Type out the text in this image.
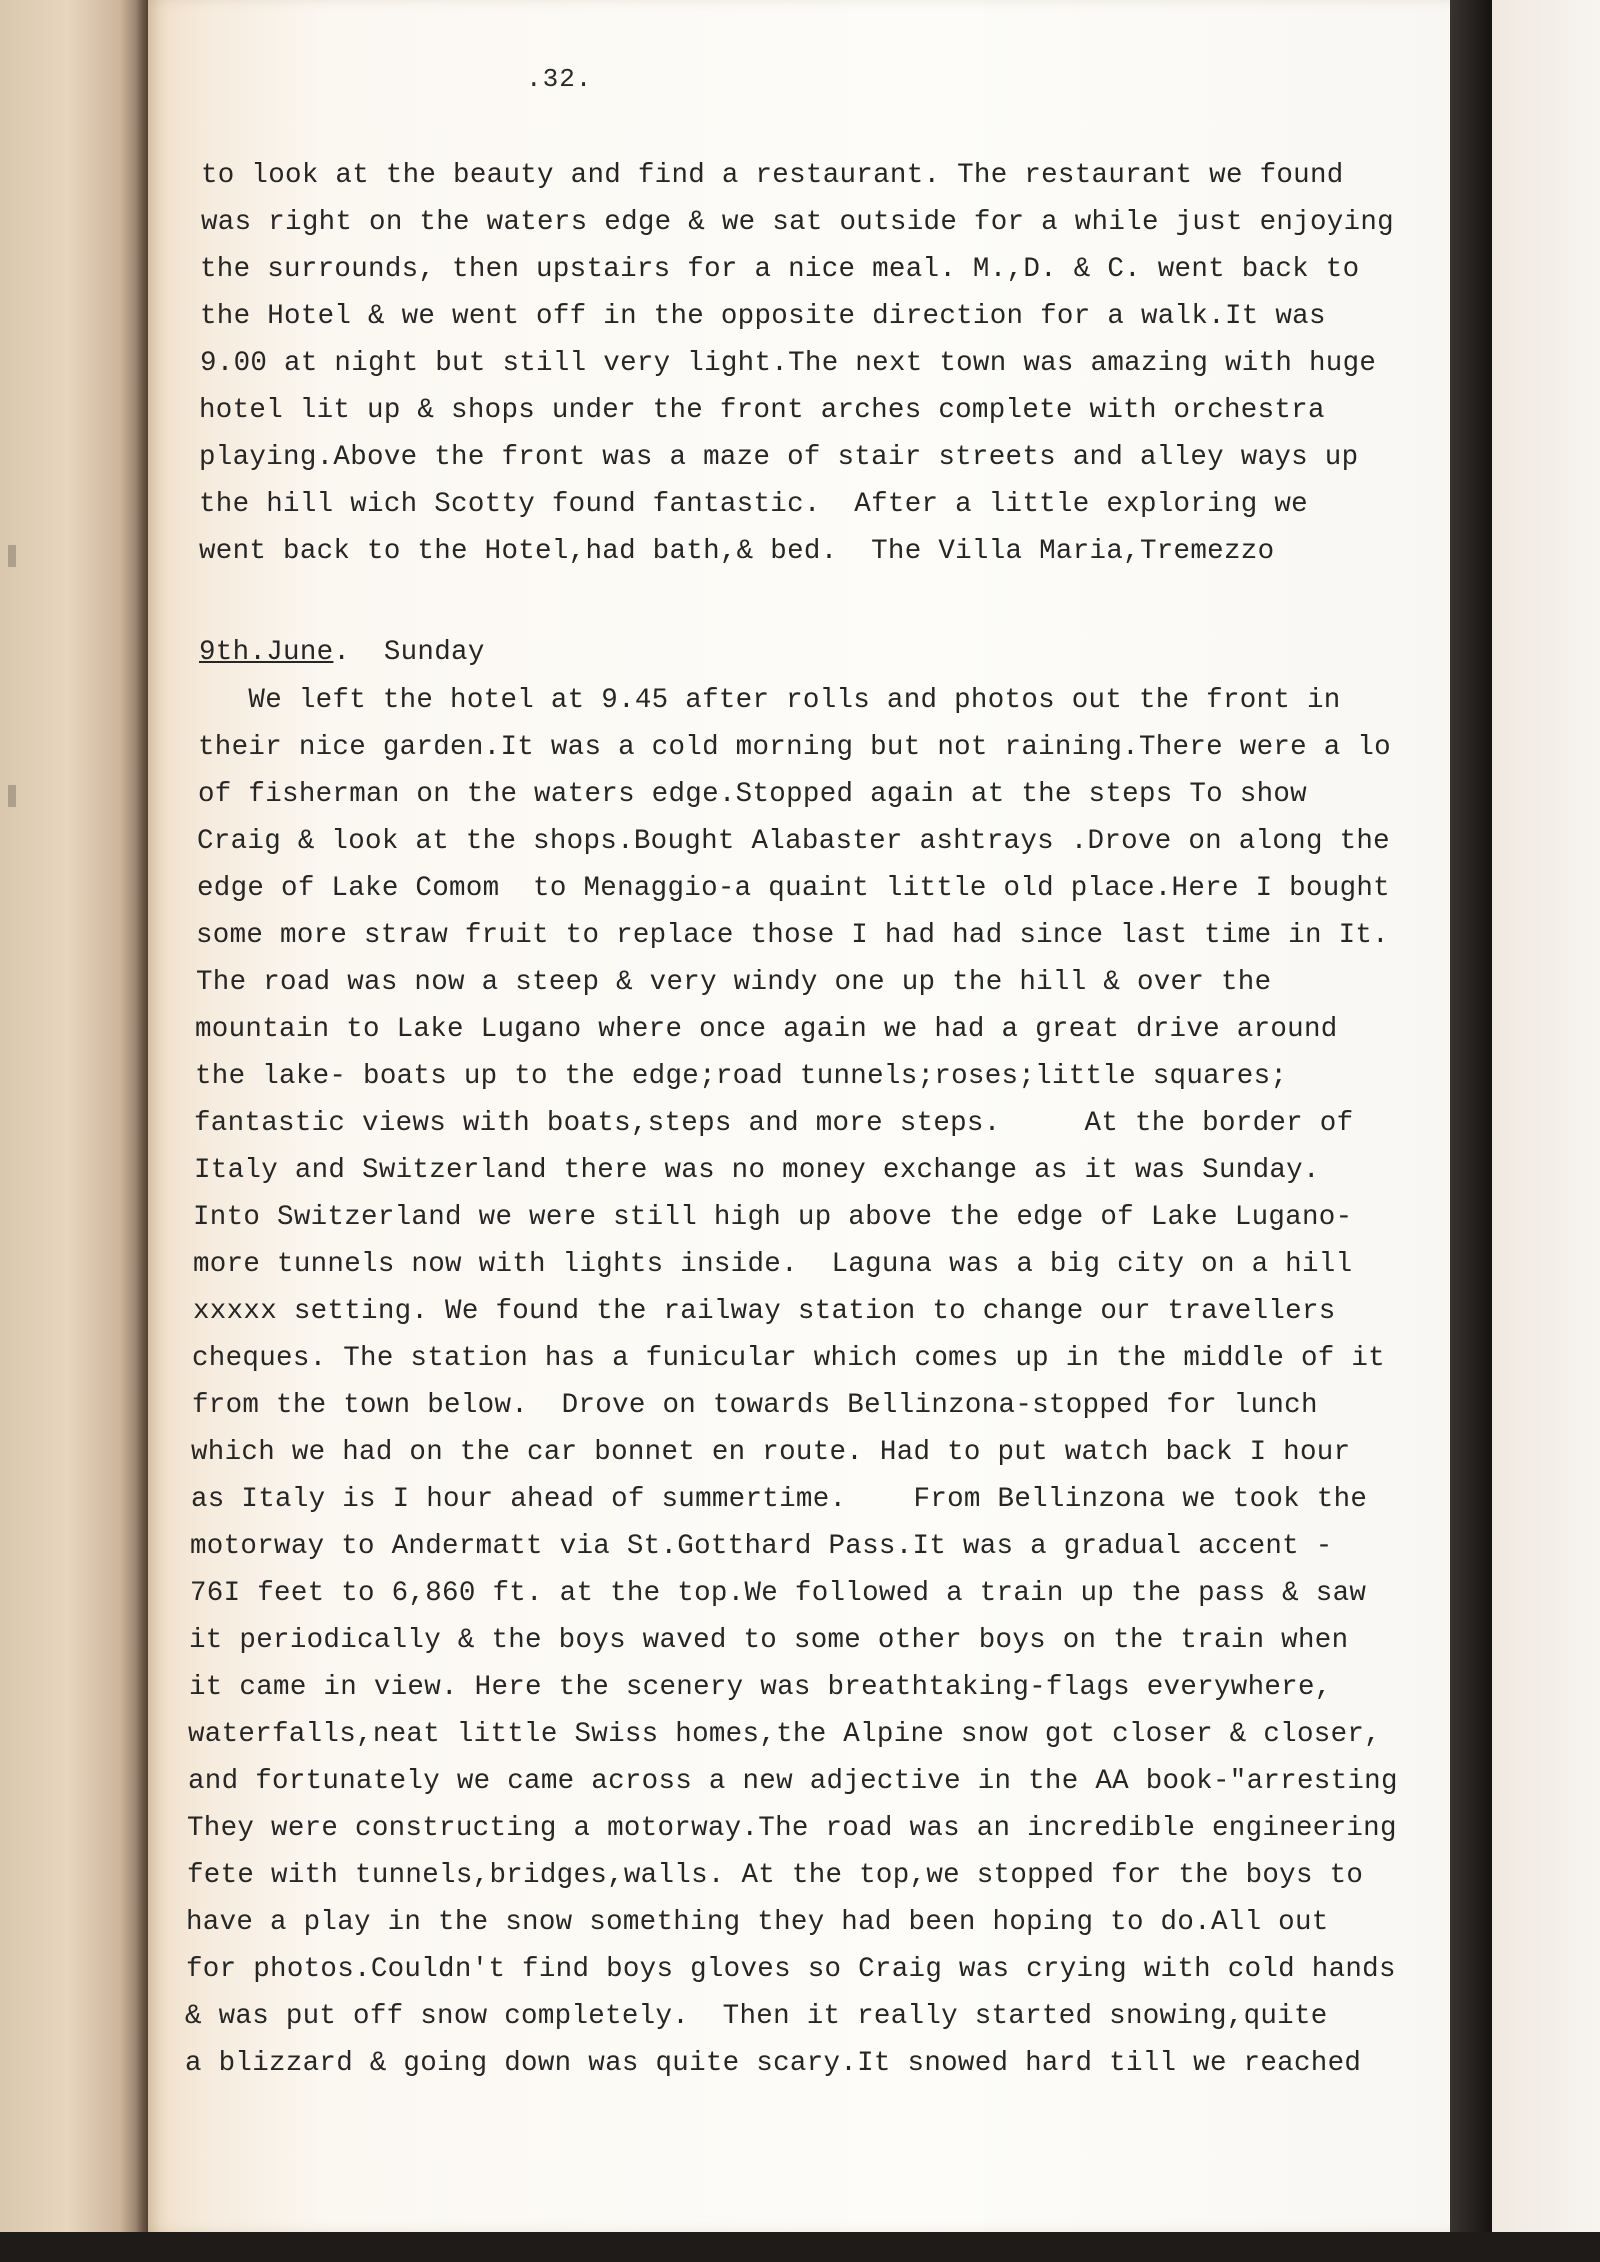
.32.
to look at the beauty and find a restaurant. The restaurant we found
was right on the waters edge & we sat outside for a while just enjoying
the surrounds, then upstairs for a nice meal. M.,D. & C. went back to
the Hotel & we went off in the opposite direction for a walk.It was
9.00 at night but still very light.The next town was amazing with huge
hotel lit up & shops under the front arches complete with orchestra
playing.Above the front was a maze of stair streets and alley ways up
the hill wich Scotty found fantastic.  After a little exploring we
went back to the Hotel,had bath,& bed.  The Villa Maria,Tremezzo
9th.June.  Sunday
We left the hotel at 9.45 after rolls and photos out the front in
their nice garden.It was a cold morning but not raining.There were a lo
of fisherman on the waters edge.Stopped again at the steps To show
Craig & look at the shops.Bought Alabaster ashtrays .Drove on along the
edge of Lake Comom  to Menaggio-a quaint little old place.Here I bought
some more straw fruit to replace those I had had since last time in It.
The road was now a steep & very windy one up the hill & over the
mountain to Lake Lugano where once again we had a great drive around
the lake- boats up to the edge;road tunnels;roses;little squares;
fantastic views with boats,steps and more steps.     At the border of
Italy and Switzerland there was no money exchange as it was Sunday.
Into Switzerland we were still high up above the edge of Lake Lugano-
more tunnels now with lights inside.  Laguna was a big city on a hill
xxxxx setting. We found the railway station to change our travellers
cheques. The station has a funicular which comes up in the middle of it
from the town below.  Drove on towards Bellinzona-stopped for lunch
which we had on the car bonnet en route. Had to put watch back I hour
as Italy is I hour ahead of summertime.    From Bellinzona we took the
motorway to Andermatt via St.Gotthard Pass.It was a gradual accent -
76I feet to 6,860 ft. at the top.We followed a train up the pass & saw
it periodically & the boys waved to some other boys on the train when
it came in view. Here the scenery was breathtaking-flags everywhere,
waterfalls,neat little Swiss homes,the Alpine snow got closer & closer,
and fortunately we came across a new adjective in the AA book-"arresting
They were constructing a motorway.The road was an incredible engineering
fete with tunnels,bridges,walls. At the top,we stopped for the boys to
have a play in the snow something they had been hoping to do.All out
for photos.Couldn't find boys gloves so Craig was crying with cold hands
& was put off snow completely.  Then it really started snowing,quite
a blizzard & going down was quite scary.It snowed hard till we reached
